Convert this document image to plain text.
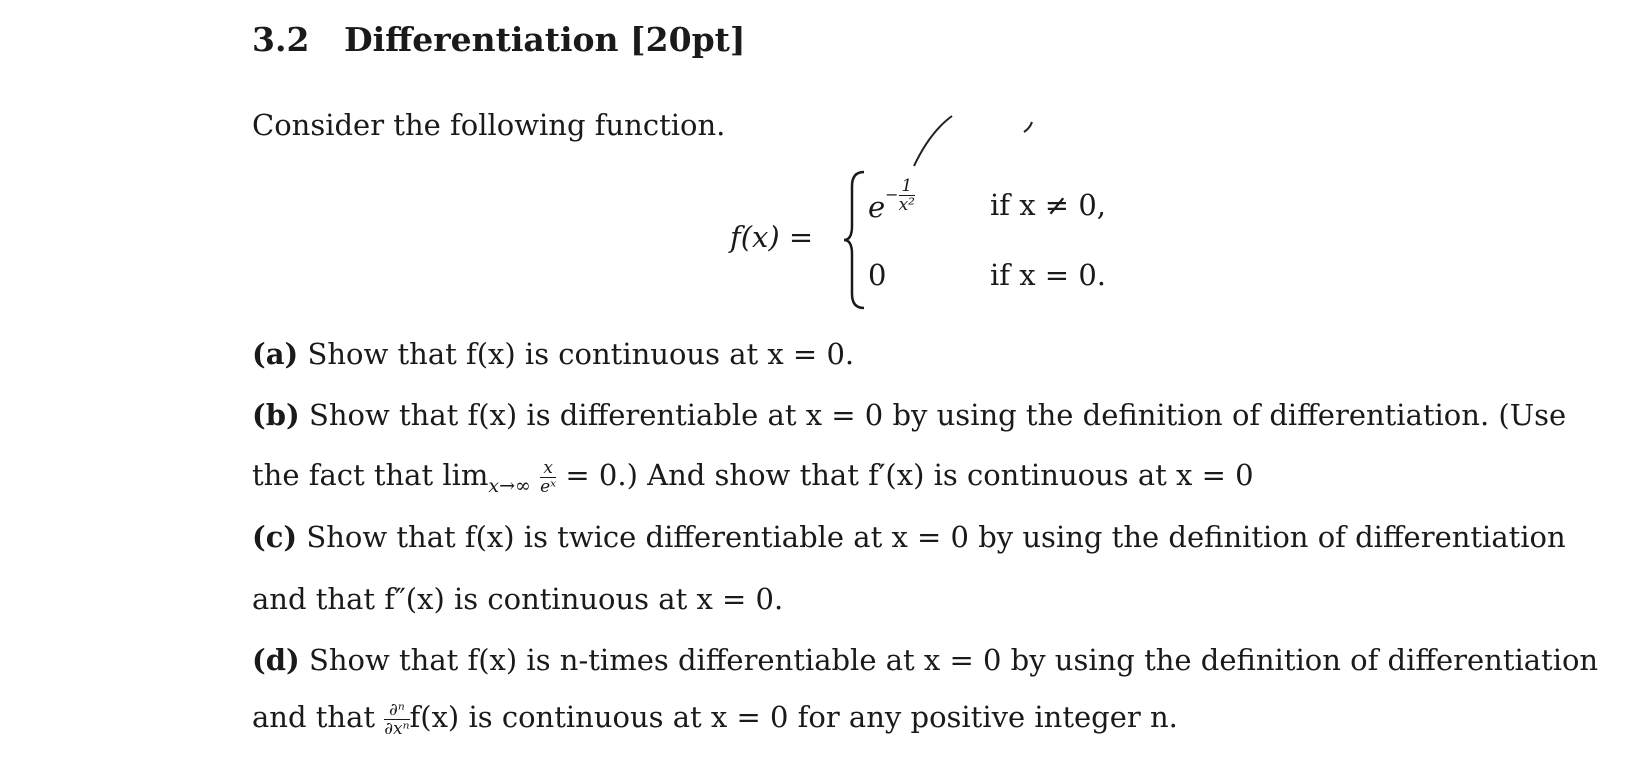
3.2 Differentiation [20pt]
Consider the following function.
f(x) =
$e^{- \frac{1}{\text{x²}}}$	if x ≠ 0,
0	if x = 0.
(a) Show that f(x) is continuous at x = 0.
(b) Show that f(x) is differentiable at x = 0 by using the definition of differentiation. (Use
the fact that $\lim_{x\to\infty} \frac{x}{\text{eˣ}} = 0$.) And show that f′(x) is continuous at x = 0
(c) Show that f(x) is twice differentiable at x = 0 by using the definition of differentiation
and that f″(x) is continuous at x = 0.
(d) Show that f(x) is n-times differentiable at x = 0 by using the definition of differentiation
and that $\frac{\text{∂ⁿ}}{\text{∂xⁿ}} f(x)$ is continuous at x = 0 for any positive integer n.
